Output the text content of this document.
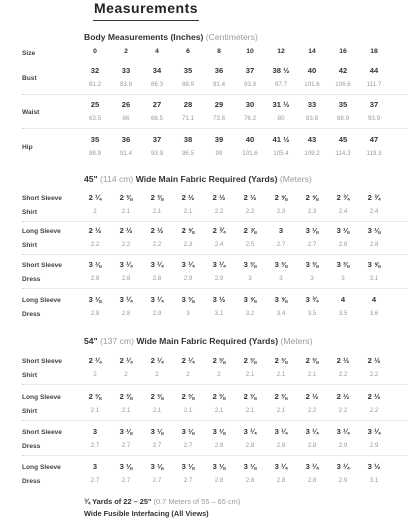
Measurements
Body Measurements (Inches) (Centimeters)
Size	0	2	4	6	8	10	12	14	16	18
Bust
32	33	34	35	36	37	38 ½	40	42	44
81.2	83.8	86.3	88.9	91.4	93.9	97.7	101.6	106.6	111.7
Waist
25	26	27	28	29	30	31 ½	33	35	37
63.5	66	68.5	71.1	73.6	76.2	80	83.8	88.9	93.9
Hip
35	36	37	38	39	40	41 ½	43	45	47
88.9	91.4	93.9	96.5	99	101.6	105.4	109.2	114.3	119.3
45" (114 cm) Wide Main Fabric Required (Yards) (Meters)
Short Sleeve
Shirt
2 ¼	2 ⅜	2 ⅜	2 ½	2 ½	2 ½	2 ⅝	2 ⅝	2 ¾	2 ¾
2	2.1	2.1	2.1	2.2	2.2	2.3	2.3	2.4	2.4
Long Sleeve
Shirt
2 ½	2 ½	2 ½	2 ⅝	2 ¾	2 ⅞	3	3 ⅛	3 ⅛	3 ⅛
2.2	2.2	2.2	2.3	2.4	2.5	2.7	2.7	2.8	2.8
Short Sleeve
Dress
3 ⅛	3 ¼	3 ¼	3 ¼	3 ¼	3 ⅜	3 ⅜	3 ⅜	3 ⅜	3 ⅝
2.8	2.8	2.8	2.9	2.9	3	3	3	3	3.1
Long Sleeve
Dress
3 ⅛	3 ¼	3 ¼	3 ⅜	3 ½	3 ⅝	3 ⅝	3 ¾	4	4
2.8	2.8	2.9	3	3.1	3.2	3.4	3.5	3.5	3.6
54" (137 cm) Wide Main Fabric Required (Yards) (Meters)
Short Sleeve
Shirt
2 ¼	2 ¼	2 ¼	2 ¼	2 ⅜	2 ⅜	2 ⅜	2 ⅜	2 ½	2 ½
2	2	2	2	2	2.1	2.1	2.1	2.2	2.2
Long Sleeve
Shirt
2 ⅜	2 ⅜	2 ⅜	2 ⅜	2 ⅜	2 ⅜	2 ⅜	2 ½	2 ½	2 ½
2.1	2.1	2.1	2.1	2.1	2.1	2.1	2.2	2.2	2.2
Short Sleeve
Dress
3	3 ⅛	3 ⅛	3 ⅛	3 ⅛	3 ¼	3 ¼	3 ¼	3 ¼	3 ¼
2.7	2.7	2.7	2.7	2.8	2.8	2.8	2.8	2.9	2.9
Long Sleeve
Dress
3	3 ⅛	3 ⅛	3 ⅛	3 ⅛	3 ⅛	3 ¼	3 ¼	3 ¼	3 ½
2.7	2.7	2.7	2.7	2.8	2.8	2.8	2.8	2.9	3.1
¾ Yards of 22 – 25" (0.7 Meters of 55 – 65 cm)
Wide Fusible Interfacing (All Views)
